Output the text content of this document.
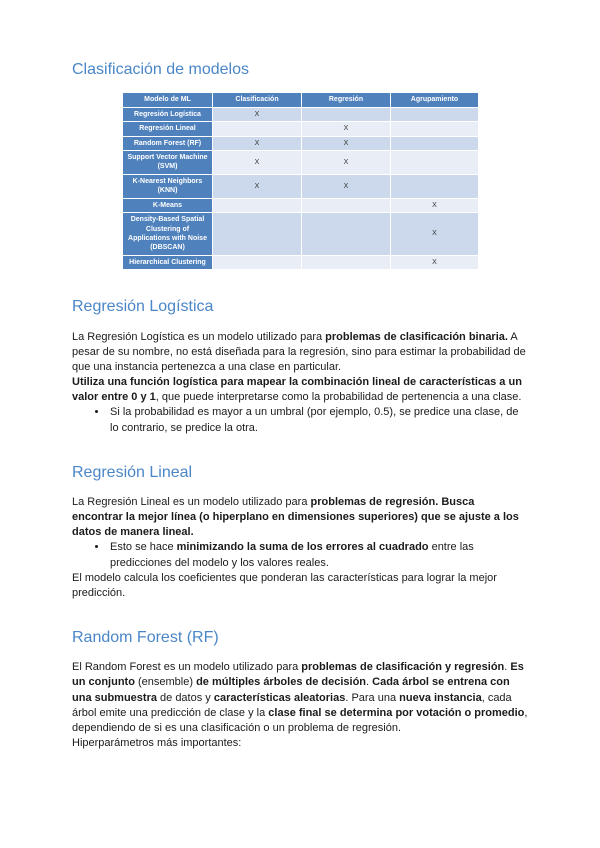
Clasificación de modelos
Modelo de ML	Clasificación	Regresión	Agrupamiento
Regresión Logística	X		
Regresión Lineal		X	
Random Forest (RF)	X	X	
Support Vector Machine (SVM)	X	X	
K-Nearest Neighbors (KNN)	X	X	
K-Means			X
Density-Based Spatial Clustering of Applications with Noise (DBSCAN)			X
Hierarchical Clustering			X
Regresión Logística

La Regresión Logística es un modelo utilizado para problemas de clasificación binaria. A pesar de su nombre, no está diseñada para la regresión, sino para estimar la probabilidad de que una instancia pertenezca a una clase en particular.

Utiliza una función logística para mapear la combinación lineal de características a un valor entre 0 y 1, que puede interpretarse como la probabilidad de pertenencia a una clase.

• Si la probabilidad es mayor a un umbral (por ejemplo, 0.5), se predice una clase, de lo contrario, se predice la otra.
Regresión Lineal

La Regresión Lineal es un modelo utilizado para problemas de regresión. Busca encontrar la mejor línea (o hiperplano en dimensiones superiores) que se ajuste a los datos de manera lineal.

• Esto se hace minimizando la suma de los errores al cuadrado entre las predicciones del modelo y los valores reales.

El modelo calcula los coeficientes que ponderan las características para lograr la mejor predicción.

Random Forest (RF)

El Random Forest es un modelo utilizado para problemas de clasificación y regresión. Es un conjunto (ensemble) de múltiples árboles de decisión. Cada árbol se entrena con una submuestra de datos y características aleatorias. Para una nueva instancia, cada árbol emite una predicción de clase y la clase final se determina por votación o promedio, dependiendo de si es una clasificación o un problema de regresión.

Hiperparámetros más importantes:
